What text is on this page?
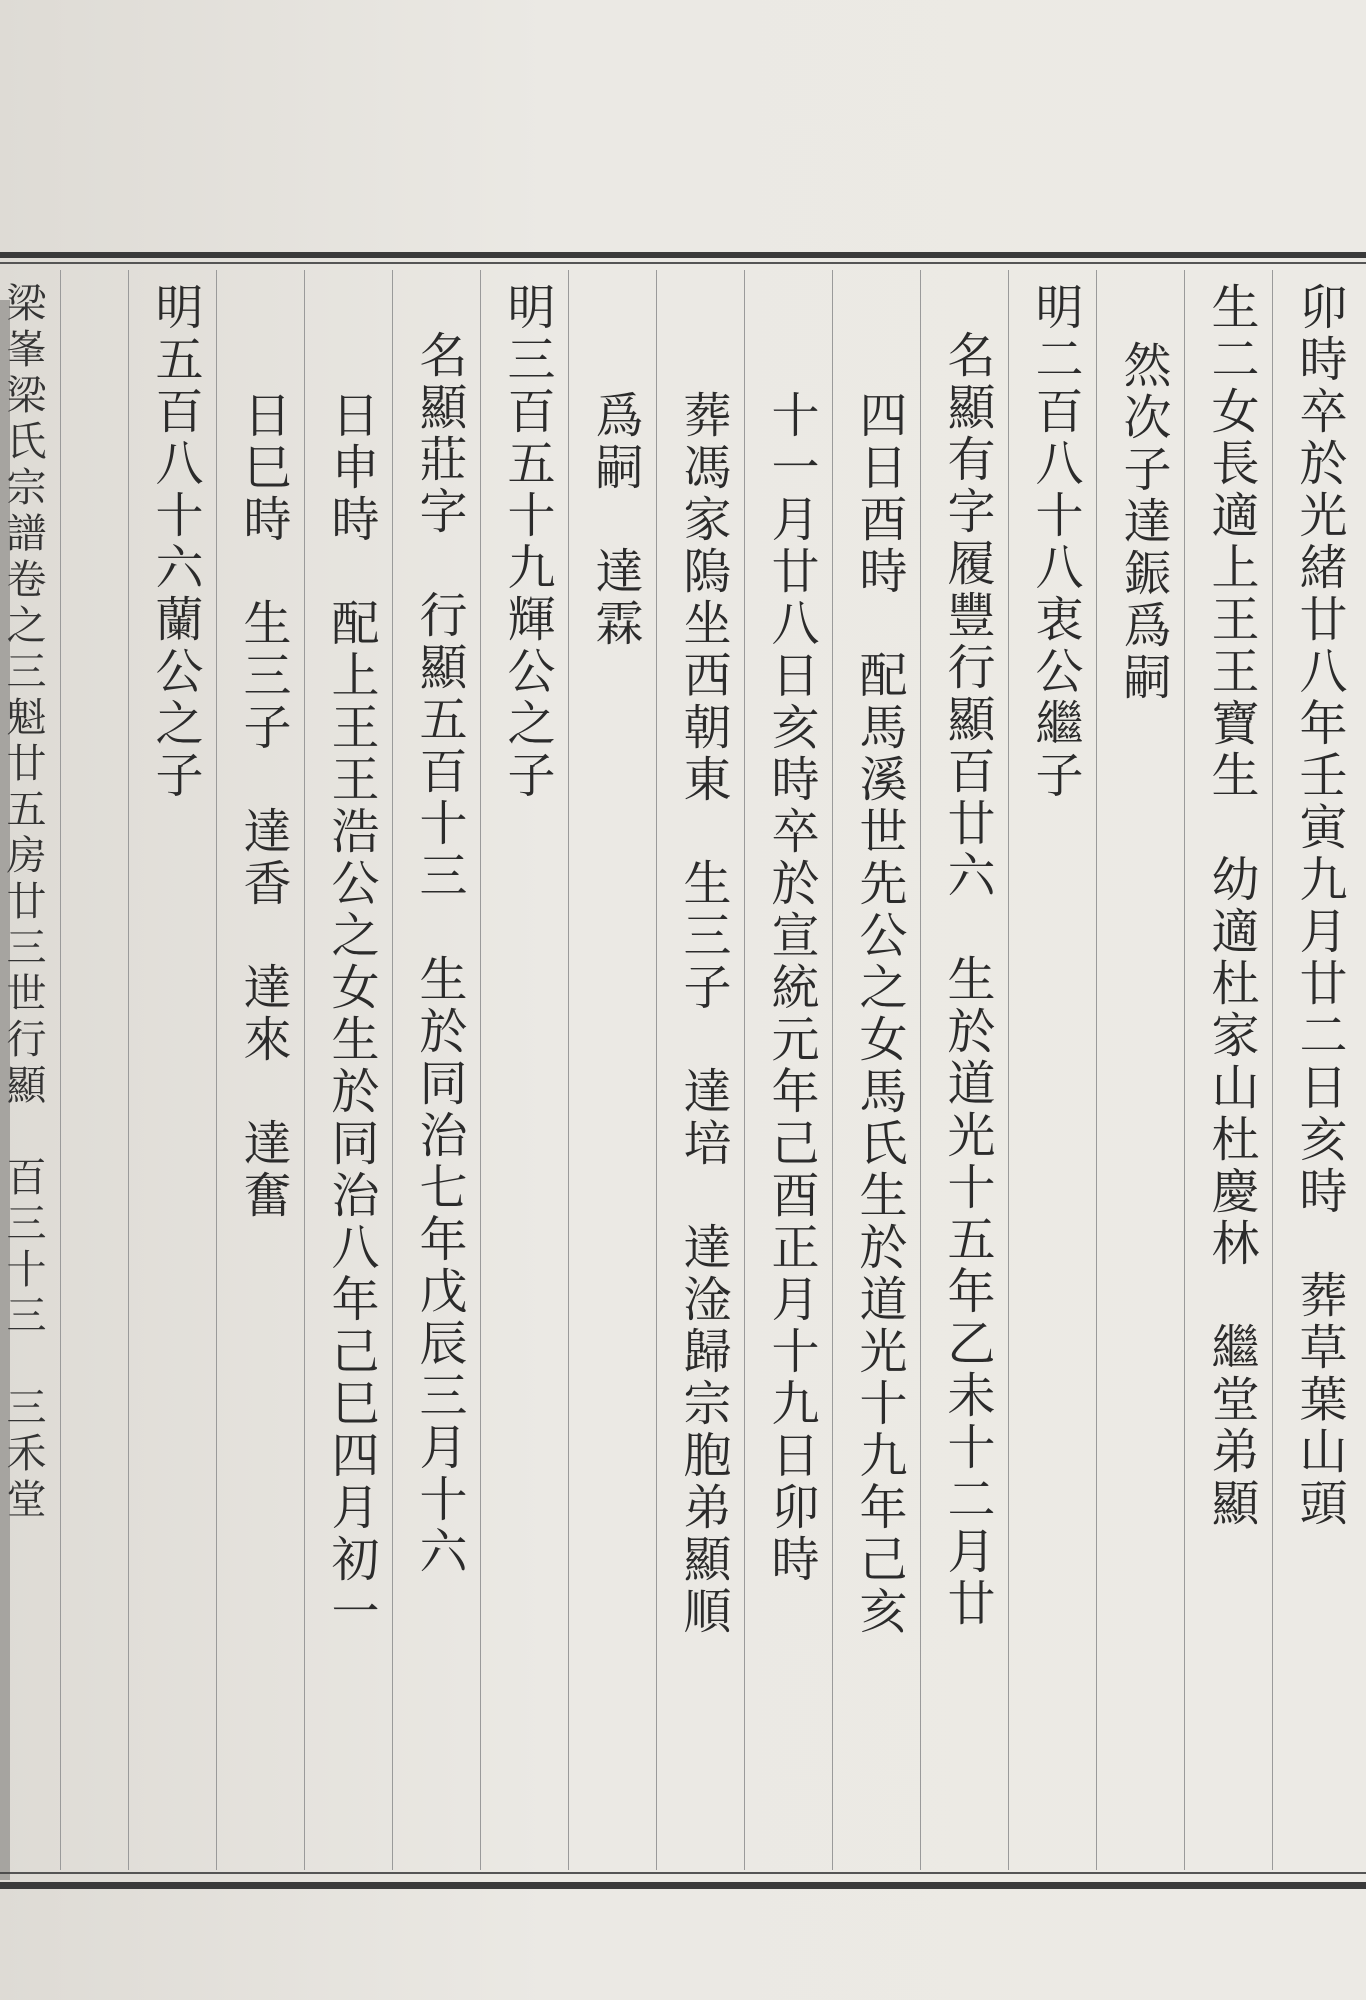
卯時卒於光緒廿八年壬寅九月廿二日亥時　葬草葉山頭
生二女長適上王王寶生　幼適杜家山杜慶林　繼堂弟顯
然次子達鋠爲嗣
明二百八十八衷公繼子
名顯有字履豐行顯百廿六　生於道光十五年乙未十二月廿
四日酉時　配馬溪世先公之女馬氏生於道光十九年己亥
十一月廿八日亥時卒於宣統元年己酉正月十九日卯時
葬馮家隖坐西朝東　生三子　達培　達淦歸宗胞弟顯順
爲嗣　達霖
明三百五十九輝公之子
名顯莊字　行顯五百十三　生於同治七年戊辰三月十六
日申時　配上王王浩公之女生於同治八年己巳四月初一
日巳時　生三子　達香　達來　達奮
明五百八十六蘭公之子
梁峯梁氏宗譜卷之三魁廿五房廿三世行顯　百三十三　三禾堂
